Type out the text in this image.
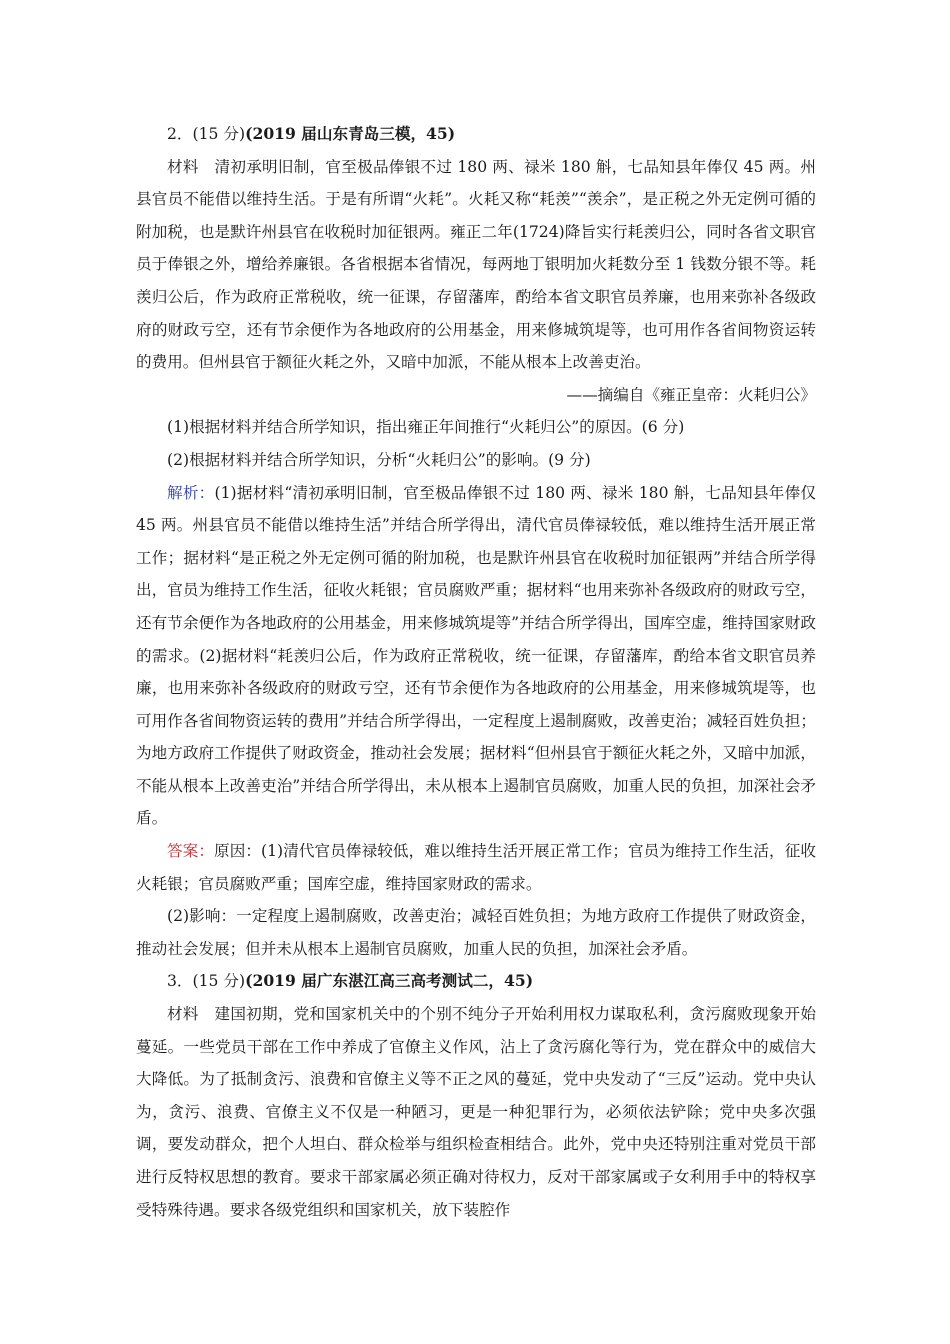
2．(15 分)(2019 届山东青岛三模，45)

材料  清初承明旧制，官至极品俸银不过 180 两、禄米 180 斛，七品知县年俸仅 45 两。州县官员不能借以维持生活。于是有所谓“火耗”。火耗又称“耗羡”“羡余”，是正税之外无定例可循的附加税，也是默许州县官在收税时加征银两。雍正二年(1724)降旨实行耗羡归公，同时各省文职官员于俸银之外，增给养廉银。各省根据本省情况，每两地丁银明加火耗数分至 1 钱数分银不等。耗羡归公后，作为政府正常税收，统一征课，存留藩库，酌给本省文职官员养廉，也用来弥补各级政府的财政亏空，还有节余便作为各地政府的公用基金，用来修城筑堤等，也可用作各省间物资运转的费用。但州县官于额征火耗之外，又暗中加派，不能从根本上改善吏治。

——摘编自《雍正皇帝：火耗归公》

(1)根据材料并结合所学知识，指出雍正年间推行“火耗归公”的原因。(6 分)

(2)根据材料并结合所学知识，分析“火耗归公”的影响。(9 分)

解析：(1)据材料“清初承明旧制，官至极品俸银不过 180 两、禄米 180 斛，七品知县年俸仅 45 两。州县官员不能借以维持生活”并结合所学得出，清代官员俸禄较低，难以维持生活开展正常工作；据材料“是正税之外无定例可循的附加税，也是默许州县官在收税时加征银两”并结合所学得出，官员为维持工作生活，征收火耗银；官员腐败严重；据材料“也用来弥补各级政府的财政亏空，还有节余便作为各地政府的公用基金，用来修城筑堤等”并结合所学得出，国库空虚，维持国家财政的需求。(2)据材料“耗羡归公后，作为政府正常税收，统一征课，存留藩库，酌给本省文职官员养廉，也用来弥补各级政府的财政亏空，还有节余便作为各地政府的公用基金，用来修城筑堤等，也可用作各省间物资运转的费用”并结合所学得出，一定程度上遏制腐败，改善吏治；减轻百姓负担；为地方政府工作提供了财政资金，推动社会发展；据材料“但州县官于额征火耗之外，又暗中加派，不能从根本上改善吏治”并结合所学得出，未从根本上遏制官员腐败，加重人民的负担，加深社会矛盾。

答案：原因：(1)清代官员俸禄较低，难以维持生活开展正常工作；官员为维持工作生活，征收火耗银；官员腐败严重；国库空虚，维持国家财政的需求。

(2)影响：一定程度上遏制腐败，改善吏治；减轻百姓负担；为地方政府工作提供了财政资金，推动社会发展；但并未从根本上遏制官员腐败，加重人民的负担，加深社会矛盾。

3．(15 分)(2019 届广东湛江高三高考测试二，45)

材料  建国初期，党和国家机关中的个别不纯分子开始利用权力谋取私利，贪污腐败现象开始蔓延。一些党员干部在工作中养成了官僚主义作风，沾上了贪污腐化等行为，党在群众中的威信大大降低。为了抵制贪污、浪费和官僚主义等不正之风的蔓延，党中央发动了“三反”运动。党中央认为，贪污、浪费、官僚主义不仅是一种陋习，更是一种犯罪行为，必须依法铲除；党中央多次强调，要发动群众，把个人坦白、群众检举与组织检查相结合。此外，党中央还特别注重对党员干部进行反特权思想的教育。要求干部家属必须正确对待权力，反对干部家属或子女利用手中的特权享受特殊待遇。要求各级党组织和国家机关，放下装腔作
